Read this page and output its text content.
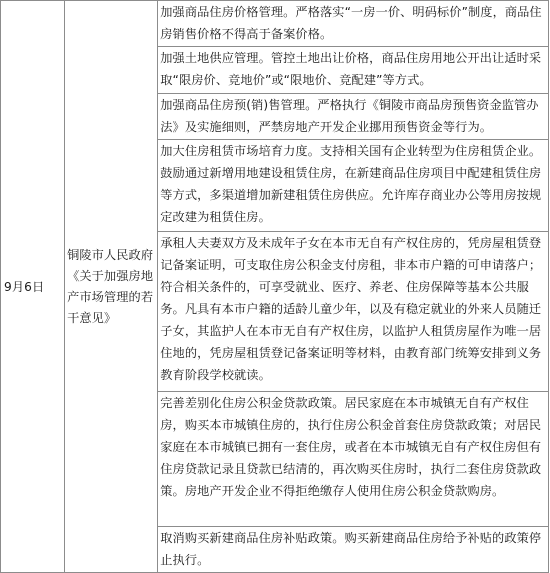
9月6日	铜陵市人民政府《关于加强房地产市场管理的若干意见》	加强商品住房价格管理。严格落实“一房一价、明码标价”制度，商品住房销售价格不得高于备案价格。
加强土地供应管理。管控土地出让价格，商品住房用地公开出让适时采取“限房价、竞地价”或“限地价、竞配建”等方式。
加强商品住房预(销)售管理。严格执行《铜陵市商品房预售资金监管办法》及实施细则，严禁房地产开发企业挪用预售资金等行为。
加大住房租赁市场培育力度。支持相关国有企业转型为住房租赁企业。鼓励通过新增用地建设租赁住房，在新建商品住房项目中配建租赁住房等方式，多渠道增加新建租赁住房供应。允许库存商业办公等用房按规定改建为租赁住房。
承租人夫妻双方及未成年子女在本市无自有产权住房的，凭房屋租赁登记备案证明，可支取住房公积金支付房租，非本市户籍的可申请落户；符合相关条件的，可享受就业、医疗、养老、住房保障等基本公共服务。凡具有本市户籍的适龄儿童少年，以及有稳定就业的外来人员随迁子女，其监护人在本市无自有产权住房，以监护人租赁房屋作为唯一居住地的，凭房屋租赁登记备案证明等材料，由教育部门统筹安排到义务教育阶段学校就读。
完善差别化住房公积金贷款政策。居民家庭在本市城镇无自有产权住房，购买本市城镇住房的，执行住房公积金首套住房贷款政策；对居民家庭在本市城镇已拥有一套住房，或者在本市城镇无自有产权住房但有住房贷款记录且贷款已结清的，再次购买住房时，执行二套住房贷款政策。房地产开发企业不得拒绝缴存人使用住房公积金贷款购房。
取消购买新建商品住房补贴政策。购买新建商品住房给予补贴的政策停止执行。
